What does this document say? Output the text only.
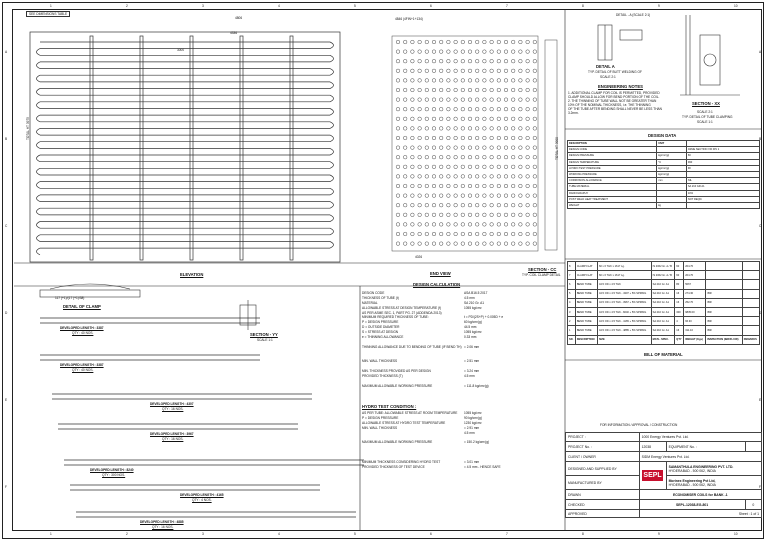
SEE DIMENSIONS TABLE
4806
4336
3000
4846 (4FIN+1+134)
TOTAL HT 3975
TOTAL HT 3900
4026
ELEVATION	END VIEW
SECTION - CC
TYP. COIL CLAMP DETAIL
DETAIL - A (SCALE 2:1)
DETAIL A
TYP. DETAIL OF BUTT WELDING OF
SCALE 2:1
SECTION - XX
SCALE 2:1
TYP. DETAIL OF TUBE CLAMPING
SCALE 1:1
ENGINEERING NOTES
1. ADDITIONAL CLAMP FOR COIL IS PERMITTED, PROVIDED
CLAMP SHOULD ALLOW FOR BEND PORTION OF THE COIL.
2. THE THINNING OF TUBE WALL NOT BE GREATER THAN
10% OF THE NOMINAL THICKNESS, i.e. THE THINNING
OF THE TUBE AFTER BENDING SHALL NEVER BE LESS THAN
3.2mm.
DESIGN DATA
DESCRIPTION	UNIT	
DESIGN CODE		ASME SECTION VIII DIV 1
DESIGN PRESSURE	kg/cm²(g)	60
DESIGN TEMPERATURE	°C	390
HYDRO TEST PRESSURE	kg/cm²(g)	90
WORKING PRESSURE	kg/cm²(g)	
CORROSION ALLOWANCE	mm	NIL
TUBE MATERIAL		SA 210 GR A1
RADIOGRAPHY		10%
POST WELD HEAT TREATMENT		NOT REQD.
WEIGHT	kg	
8	CLAMP FLAT	60 x 6 THK x 1617 Lg.	IS 2062 Gr. A / B	60	204.70		
7	CLAMP FLAT	60 x 6 THK x 1617 Lg.	IS 2062 Gr. A / B	60	204.70		
6	BEND TUBE	44.5 OD x 4.5 THK	SA 210 Gr. A1	80	5067		
5	BEND TUBE	44.5 OD x 4.5 THK - 4307 + 5% SPRING	SA 210 Gr. A1	16	274.30	IBR	
4	BEND TUBE	44.5 OD x 4.5 THK - 3967 + 5% SPRING	SA 210 Gr. A1	16	252.70	IBR	
3	BEND TUBE	44.5 OD x 4.5 THK - 8240 + 5% SPRING	SA 210 Gr. A1	300	9835.00	IBR	
2	BEND TUBE	44.5 OD x 4.5 THK - 4165 + 5% SPRING	SA 210 Gr. A1	4	66.30	IBR	
1	BEND TUBE	44.5 OD x 4.5 THK - 4885 + 5% SPRING	SA 210 Gr. A1	16	311.10	IBR	
SR.	DESCRIPTION	SIZE	MATL. SPEC.	QTY	WEIGHT (Kgs)	INSPECTION (IBR/FLUID)	REMARKS
BILL OF MATERIAL
117 (+1)/(17 (+1)/38)
DETAIL OF CLAMP
SECTION - YY
SCALE 1:1
DEVELOPED LENGTH : 3387
QTY : 40 NOS.
DEVELOPED LENGTH : 3387
QTY : 40 NOS.
DEVELOPED LENGTH : 4307
QTY : 16 NOS.
DEVELOPED LENGTH : 3967
QTY : 16 NOS.
DEVELOPED LENGTH : 8240
QTY : 300 NOS.
DEVELOPED LENGTH : 4165
QTY : 4 NOS.
DEVELOPED LENGTH : 4885
QTY : 16 NOS.
DESIGN CALCULATION
DESIGN CODE	ASA B16.5 2017
THICKNESS OF TUBE (t)	4.5 mm
MATERIAL	SA 210 Gr. A1
ALLOWABLE STRESS AT DESIGN TEMPERATURE (f)	1055 kg/cm²
AS PER ASME SEC. 1, PART PG. 27 (ADDENDA 2013)
MINIMUM REQUIRED THICKNESS OF TUBE:	t = PD/(2S+P) + 0.005D + e
P = DESIGN PRESSURE	60 kg/cm²(g)
D = OUTSIDE DIAMETER	44.5 mm
S = STRESS AT DESIGN	1055 kg/cm²
e = THINNING ALLOWANCE	0.33 mm
THINNING ALLOWANCE DUE TO BENDING OF TUBE (IF BEND TH) = 2.06 mm
MIN. WALL THICKNESS	= 2.51 mm
MIN. THICKNESS PROVIDED AS PER DESIGN	= 3.24 mm
PROVIDED THICKNESS (T)	4.5 mm
MAXIMUM ALLOWABLE WORKING PRESSURE	= 111.8 kg/cm²(g)
HYDRO TEST CONDITION :
AS PER TUBE: ALLOWABLE STRESS AT ROOM TEMPERATURE 1055 kg/cm²
P = DESIGN PRESSURE	90 kg/cm²(g)
ALLOWABLE STRESS AT HYDRO TEST TEMPERATURE	1230 kg/cm²
MIN. WALL THICKNESS	= 2.91 mm
4.5 mm
MAXIMUM ALLOWABLE WORKING PRESSURE	= 150.2 kg/cm²(g)
MINIMUM THICKNESS CONSIDERING HYDRO TEST	= 3.01 mm
PROVIDED THICKNESS OF TEST DEVICE	= 4.5 mm - HENCE SAFE
FOR INFORMATION / APPROVAL / CONSTRUCTION
PROJECT :	1000 Energy Ventures Pvt. Ltd.		
PROJECT No. :	12038	EQUIPMENT No. :	
CLIENT / OWNER	SIDM Energy Ventures Pvt. Ltd.		
DESIGNED AND SUPPLIED BY	SEPL	SAMANTHULA ENGINEERING PVT. LTD.
HYDERABAD - 500 062, INDIA	

MANUFACTURED BY		Morinex Engineering Pvt Ltd,
HYDERABAD - 500 062, INDIA	

DRAWN	ECONOMISER COILS for BANK -1		
CHECKED	SEPL-12038-EG-801		0
APPROVED	Sheet : 1 of 1		
1
1
2
2
3
3
4
4
5
5
6
6
7
7
8
8
9
9
10
10
A	A
B	B
C	C
D	D
E	E
F	F
